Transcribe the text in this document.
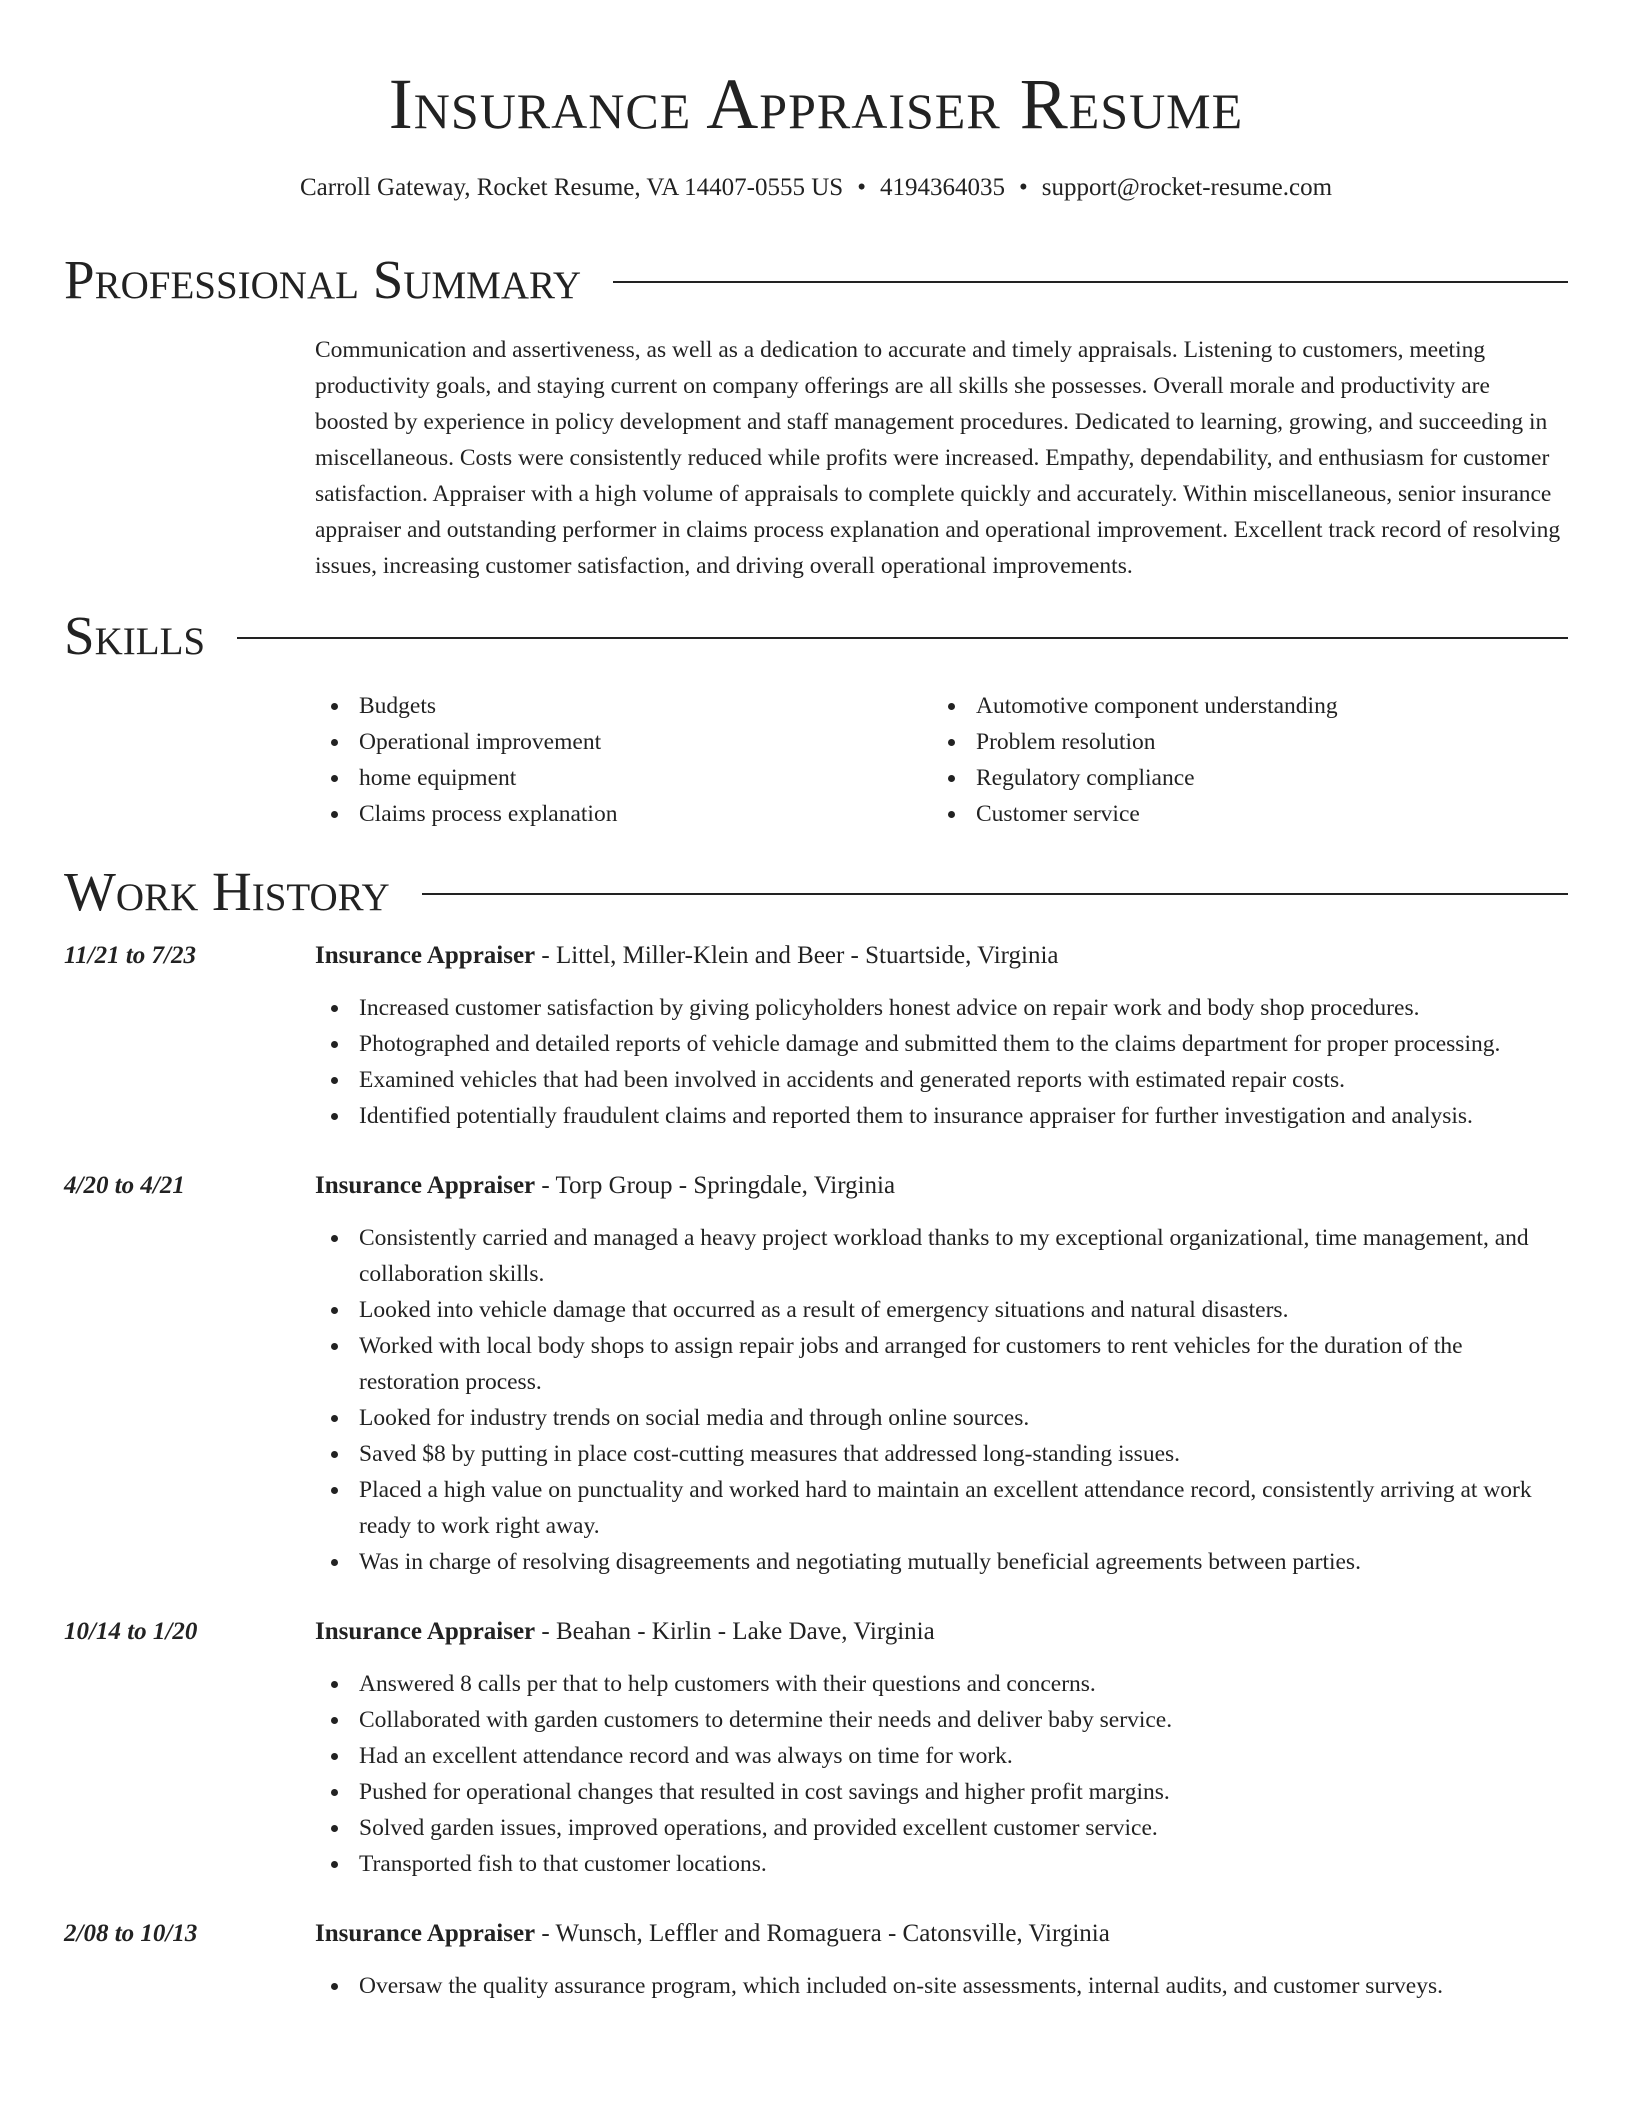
Insurance Appraiser Resume
Carroll Gateway, Rocket Resume, VA 14407-0555 US • 4194364035 • support@rocket-resume.com
Professional Summary
Communication and assertiveness, as well as a dedication to accurate and timely appraisals. Listening to customers, meeting productivity goals, and staying current on company offerings are all skills she possesses. Overall morale and productivity are boosted by experience in policy development and staff management procedures. Dedicated to learning, growing, and succeeding in miscellaneous. Costs were consistently reduced while profits were increased. Empathy, dependability, and enthusiasm for customer satisfaction. Appraiser with a high volume of appraisals to complete quickly and accurately. Within miscellaneous, senior insurance appraiser and outstanding performer in claims process explanation and operational improvement. Excellent track record of resolving issues, increasing customer satisfaction, and driving overall operational improvements.
Skills
Budgets
Operational improvement
home equipment
Claims process explanation
Automotive component understanding
Problem resolution
Regulatory compliance
Customer service
Work History
11/21 to 7/23	Insurance Appraiser - Littel, Miller-Klein and Beer - Stuartside, Virginia
Increased customer satisfaction by giving policyholders honest advice on repair work and body shop procedures.
Photographed and detailed reports of vehicle damage and submitted them to the claims department for proper processing.
Examined vehicles that had been involved in accidents and generated reports with estimated repair costs.
Identified potentially fraudulent claims and reported them to insurance appraiser for further investigation and analysis.
4/20 to 4/21	Insurance Appraiser - Torp Group - Springdale, Virginia
Consistently carried and managed a heavy project workload thanks to my exceptional organizational, time management, and collaboration skills.
Looked into vehicle damage that occurred as a result of emergency situations and natural disasters.
Worked with local body shops to assign repair jobs and arranged for customers to rent vehicles for the duration of the restoration process.
Looked for industry trends on social media and through online sources.
Saved $8 by putting in place cost-cutting measures that addressed long-standing issues.
Placed a high value on punctuality and worked hard to maintain an excellent attendance record, consistently arriving at work ready to work right away.
Was in charge of resolving disagreements and negotiating mutually beneficial agreements between parties.
10/14 to 1/20	Insurance Appraiser - Beahan - Kirlin - Lake Dave, Virginia
Answered 8 calls per that to help customers with their questions and concerns.
Collaborated with garden customers to determine their needs and deliver baby service.
Had an excellent attendance record and was always on time for work.
Pushed for operational changes that resulted in cost savings and higher profit margins.
Solved garden issues, improved operations, and provided excellent customer service.
Transported fish to that customer locations.
2/08 to 10/13	Insurance Appraiser - Wunsch, Leffler and Romaguera - Catonsville, Virginia
Oversaw the quality assurance program, which included on-site assessments, internal audits, and customer surveys.
